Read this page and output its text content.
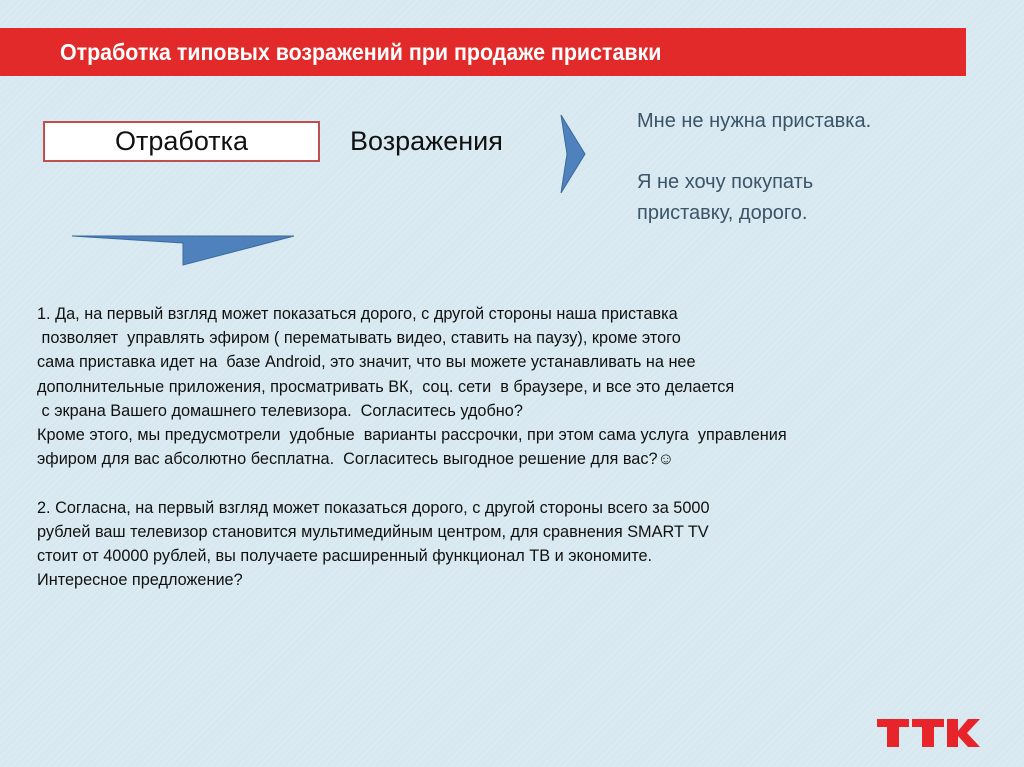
Отработка типовых возражений при продаже приставки
Отработка	Возражения
Мне не нужна приставка.
Я не хочу покупать
приставку, дорого.
1. Да, на первый взгляд может показаться дорого, с другой стороны наша приставка
позволяет  управлять эфиром ( перематывать видео, ставить на паузу), кроме этого
сама приставка идет на  базе Android, это значит, что вы можете устанавливать на нее
дополнительные приложения, просматривать ВК,  соц. сети  в браузере, и все это делается
с экрана Вашего домашнего телевизора.  Согласитесь удобно?
Кроме этого, мы предусмотрели  удобные  варианты рассрочки, при этом сама услуга  управления
эфиром для вас абсолютно бесплатна.  Согласитесь выгодное решение для вас?☺
2. Согласна, на первый взгляд может показаться дорого, с другой стороны всего за 5000
рублей ваш телевизор становится мультимедийным центром, для сравнения SMART TV
стоит от 40000 рублей, вы получаете расширенный функционал ТВ и экономите.
Интересное предложение?
